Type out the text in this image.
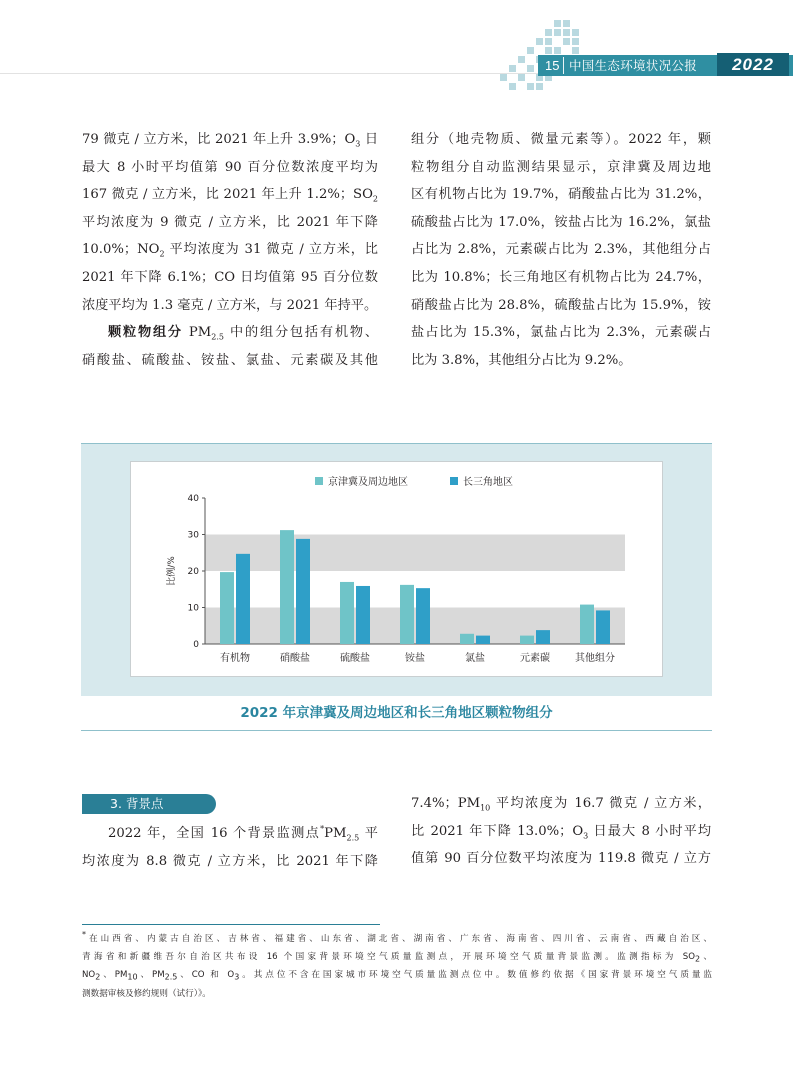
15 中国生态环境状况公报	2022
79 微克 / 立方米，比 2021 年上升 3.9%；$O_3$ 日
最大 8 小时平均值第 90 百分位数浓度平均为
167 微克 / 立方米，比 2021 年上升 1.2%；$SO_2$
平均浓度为 9 微克 / 立方米，比 2021 年下降
10.0%；$NO_2$ 平均浓度为 31 微克 / 立方米，比
2021 年下降 6.1%；CO 日均值第 95 百分位数
浓度平均为 1.3 毫克 / 立方米，与 2021 年持平。
颗粒物组分 $PM_{2.5}$ 中的组分包括有机物、
硝酸盐、硫酸盐、铵盐、氯盐、元素碳及其他
组分（地壳物质、微量元素等）。2022 年，颗
粒物组分自动监测结果显示，京津冀及周边地
区有机物占比为 19.7%，硝酸盐占比为 31.2%，
硫酸盐占比为 17.0%，铵盐占比为 16.2%，氯盐
占比为 2.8%，元素碳占比为 2.3%，其他组分占
比为 10.8%；长三角地区有机物占比为 24.7%，
硝酸盐占比为 28.8%，硫酸盐占比为 15.9%，铵
盐占比为 15.3%，氯盐占比为 2.3%，元素碳占
比为 3.8%，其他组分占比为 9.2%。
0
10
20
30
40
比例/%
有机物	硝酸盐	硫酸盐	铵盐	氯盐	元素碳	其他组分
京津冀及周边地区	长三角地区
2022 年京津冀及周边地区和长三角地区颗粒物组分
3. 背景点
2022 年，全国 16 个背景监测点$^*PM_{2.5}$ 平
均浓度为 8.8 微克 / 立方米，比 2021 年下降
7.4%；$PM_{10}$ 平均浓度为 16.7 微克 / 立方米，
比 2021 年下降 13.0%；$O_3$ 日最大 8 小时平均
值第 90 百分位数平均浓度为 119.8 微克 / 立方
*在山西省、内蒙古自治区、吉林省、福建省、山东省、湖北省、湖南省、广东省、海南省、四川省、云南省、西藏自治区、
青海省和新疆维吾尔自治区共布设 16 个国家背景环境空气质量监测点，开展环境空气质量背景监测。监测指标为 $SO_2$、
$NO_2$、$PM_{10}$、$PM_{2.5}$、CO 和 $O_3$。其点位不含在国家城市环境空气质量监测点位中。数值修约依据《国家背景环境空气质量监
测数据审核及修约规则（试行）》。
